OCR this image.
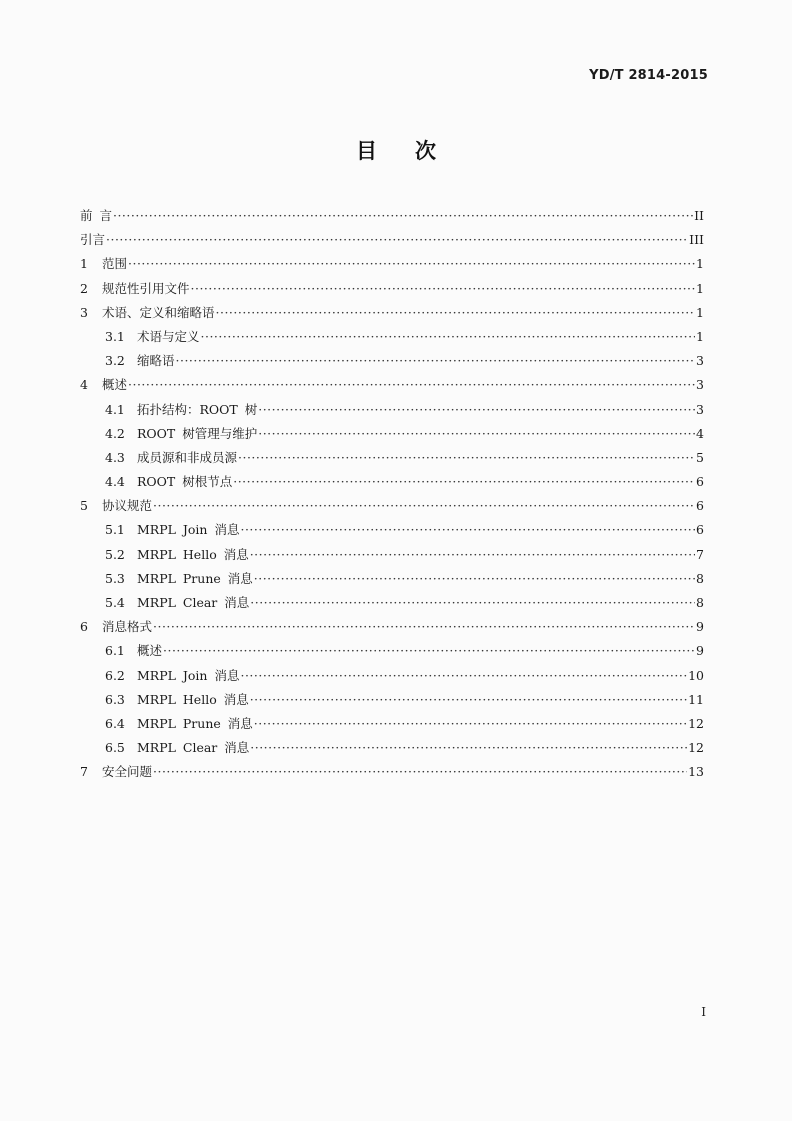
YD/T 2814-2015
目次
前 言 ·····	II
引言 ·····	III
1	范围 ·····	1
2	规范性引用文件 ·····	1
3	术语、定义和缩略语 ·····	1
3.1 术语与定义 ·····	1
3.2 缩略语 ·····	3
4	概述 ·····	3
4.1 拓扑结构：ROOT 树 ·····	3
4.2 ROOT 树管理与维护 ·····	4
4.3 成员源和非成员源 ·····	5
4.4 ROOT 树根节点 ·····	6
5	协议规范 ·····	6
5.1 MRPL Join 消息 ·····	6
5.2 MRPL Hello 消息 ·····	7
5.3 MRPL Prune 消息 ·····	8
5.4 MRPL Clear 消息 ·····	8
6	消息格式 ·····	9
6.1 概述 ·····	9
6.2 MRPL Join 消息 ·····	10
6.3 MRPL Hello 消息 ·····	11
6.4 MRPL Prune 消息 ·····	12
6.5 MRPL Clear 消息 ·····	12
7	安全问题 ·····	13
I
